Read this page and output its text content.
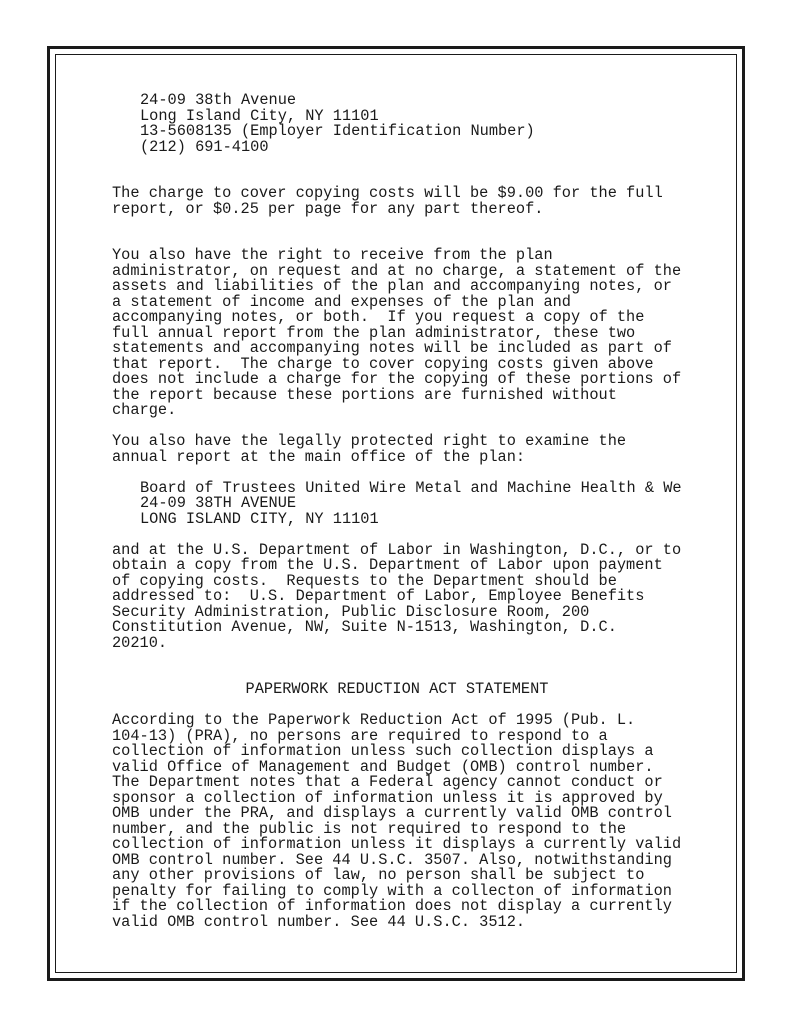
24-09 38th Avenue
Long Island City, NY 11101
13-5608135 (Employer Identification Number)
(212) 691-4100
The charge to cover copying costs will be $9.00 for the full
report, or $0.25 per page for any part thereof.
You also have the right to receive from the plan
administrator, on request and at no charge, a statement of the
assets and liabilities of the plan and accompanying notes, or
a statement of income and expenses of the plan and
accompanying notes, or both.  If you request a copy of the
full annual report from the plan administrator, these two
statements and accompanying notes will be included as part of
that report.  The charge to cover copying costs given above
does not include a charge for the copying of these portions of
the report because these portions are furnished without
charge.
You also have the legally protected right to examine the
annual report at the main office of the plan:
Board of Trustees United Wire Metal and Machine Health & We
24-09 38TH AVENUE
LONG ISLAND CITY, NY 11101
and at the U.S. Department of Labor in Washington, D.C., or to
obtain a copy from the U.S. Department of Labor upon payment
of copying costs.  Requests to the Department should be
addressed to:  U.S. Department of Labor, Employee Benefits
Security Administration, Public Disclosure Room, 200
Constitution Avenue, NW, Suite N-1513, Washington, D.C.
20210.
PAPERWORK REDUCTION ACT STATEMENT
According to the Paperwork Reduction Act of 1995 (Pub. L.
104-13) (PRA), no persons are required to respond to a
collection of information unless such collection displays a
valid Office of Management and Budget (OMB) control number.
The Department notes that a Federal agency cannot conduct or
sponsor a collection of information unless it is approved by
OMB under the PRA, and displays a currently valid OMB control
number, and the public is not required to respond to the
collection of information unless it displays a currently valid
OMB control number. See 44 U.S.C. 3507. Also, notwithstanding
any other provisions of law, no person shall be subject to
penalty for failing to comply with a collecton of information
if the collection of information does not display a currently
valid OMB control number. See 44 U.S.C. 3512.
